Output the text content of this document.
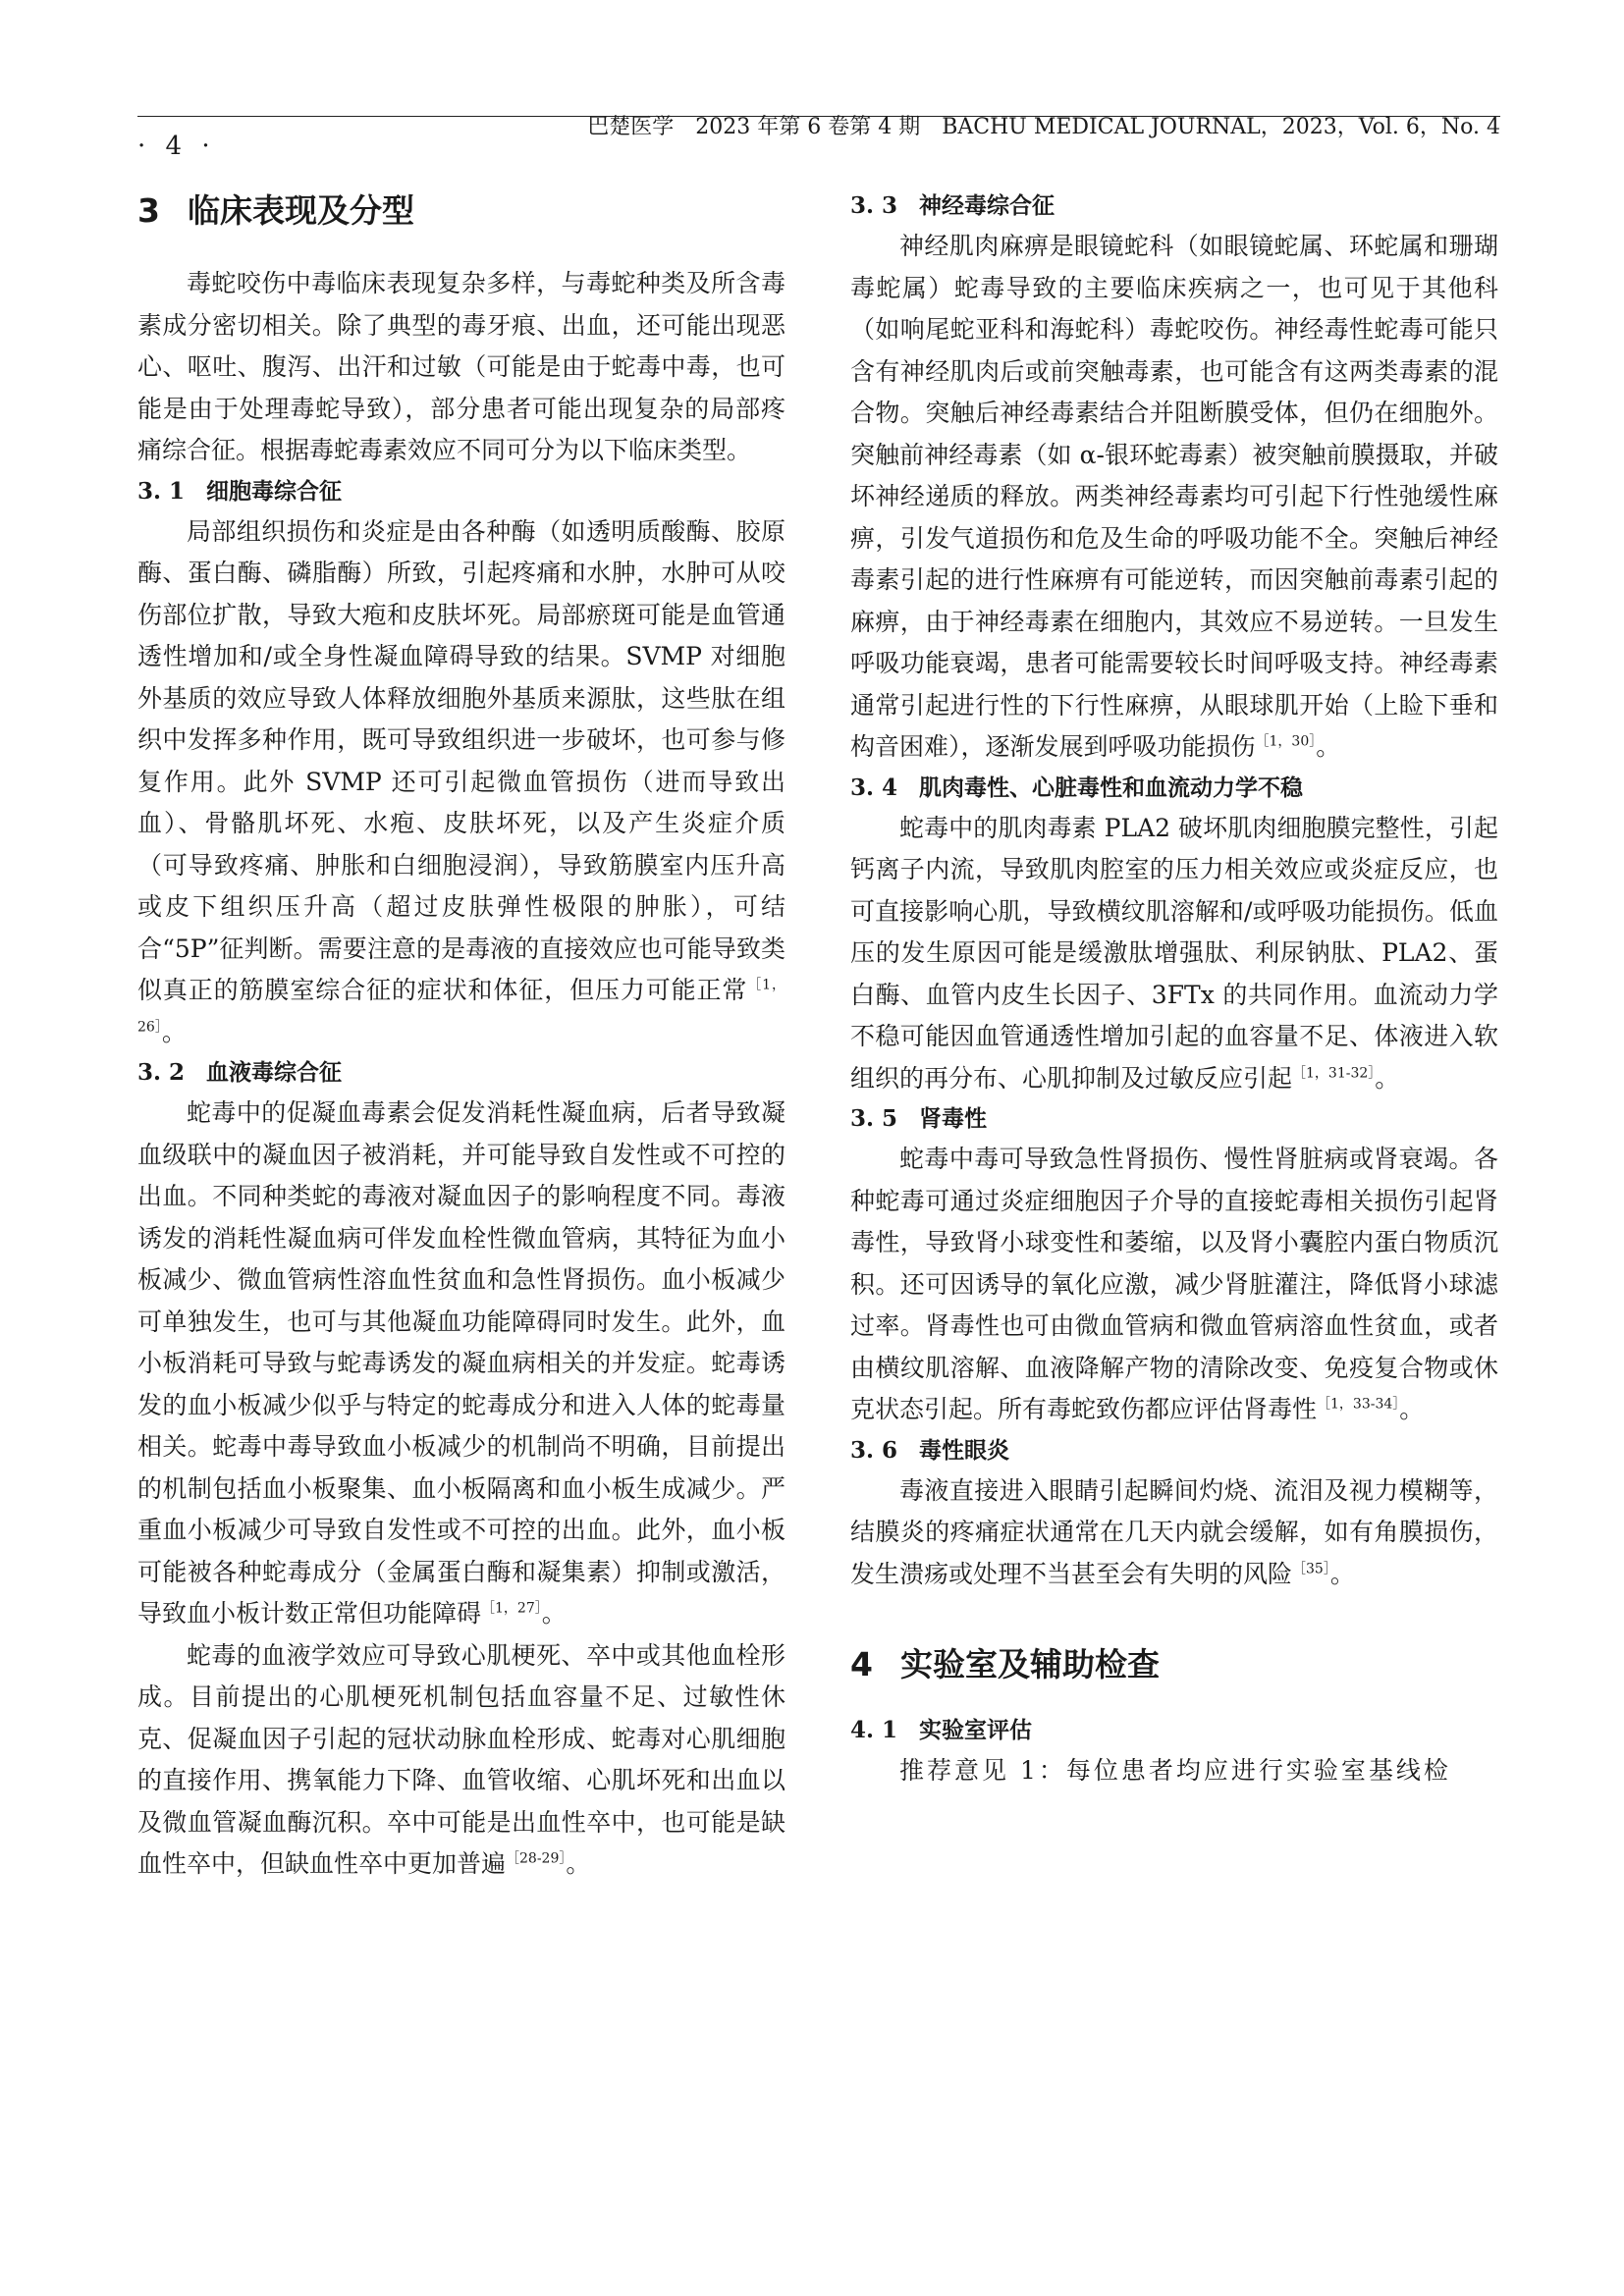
· 4 ·
巴楚医学　2023 年第 6 卷第 4 期　BACHU MEDICAL JOURNAL，2023，Vol. 6，No. 4
3 临床表现及分型

毒蛇咬伤中毒临床表现复杂多样，与毒蛇种类及所含毒素成分密切相关。除了典型的毒牙痕、出血，还可能出现恶心、呕吐、腹泻、出汗和过敏（可能是由于蛇毒中毒，也可能是由于处理毒蛇导致），部分患者可能出现复杂的局部疼痛综合征。根据毒蛇毒素效应不同可分为以下临床类型。

3. 1 细胞毒综合征

局部组织损伤和炎症是由各种酶（如透明质酸酶、胶原酶、蛋白酶、磷脂酶）所致，引起疼痛和水肿，水肿可从咬伤部位扩散，导致大疱和皮肤坏死。局部瘀斑可能是血管通透性增加和/或全身性凝血障碍导致的结果。SVMP 对细胞外基质的效应导致人体释放细胞外基质来源肽，这些肽在组织中发挥多种作用，既可导致组织进一步破坏，也可参与修复作用。此外 SVMP 还可引起微血管损伤（进而导致出血）、骨骼肌坏死、水疱、皮肤坏死，以及产生炎症介质（可导致疼痛、肿胀和白细胞浸润），导致筋膜室内压升高或皮下组织压升高（超过皮肤弹性极限的肿胀），可结合“5P”征判断。需要注意的是毒液的直接效应也可能导致类似真正的筋膜室综合征的症状和体征，但压力可能正常$^{[1,26]}$。

3. 2 血液毒综合征

蛇毒中的促凝血毒素会促发消耗性凝血病，后者导致凝血级联中的凝血因子被消耗，并可能导致自发性或不可控的出血。不同种类蛇的毒液对凝血因子的影响程度不同。毒液诱发的消耗性凝血病可伴发血栓性微血管病，其特征为血小板减少、微血管病性溶血性贫血和急性肾损伤。血小板减少可单独发生，也可与其他凝血功能障碍同时发生。此外，血小板消耗可导致与蛇毒诱发的凝血病相关的并发症。蛇毒诱发的血小板减少似乎与特定的蛇毒成分和进入人体的蛇毒量相关。蛇毒中毒导致血小板减少的机制尚不明确，目前提出的机制包括血小板聚集、血小板隔离和血小板生成减少。严重血小板减少可导致自发性或不可控的出血。此外，血小板可能被各种蛇毒成分（金属蛋白酶和凝集素）抑制或激活，导致血小板计数正常但功能障碍$^{[1,27]}$。

蛇毒的血液学效应可导致心肌梗死、卒中或其他血栓形成。目前提出的心肌梗死机制包括血容量不足、过敏性休克、促凝血因子引起的冠状动脉血栓形成、蛇毒对心肌细胞的直接作用、携氧能力下降、血管收缩、心肌坏死和出血以及微血管凝血酶沉积。卒中可能是出血性卒中，也可能是缺血性卒中，但缺血性卒中更加普遍$^{[28-29]}$。

3. 3 神经毒综合征

神经肌肉麻痹是眼镜蛇科（如眼镜蛇属、环蛇属和珊瑚毒蛇属）蛇毒导致的主要临床疾病之一，也可见于其他科（如响尾蛇亚科和海蛇科）毒蛇咬伤。神经毒性蛇毒可能只含有神经肌肉后或前突触毒素，也可能含有这两类毒素的混合物。突触后神经毒素结合并阻断膜受体，但仍在细胞外。突触前神经毒素（如 α-银环蛇毒素）被突触前膜摄取，并破坏神经递质的释放。两类神经毒素均可引起下行性弛缓性麻痹，引发气道损伤和危及生命的呼吸功能不全。突触后神经毒素引起的进行性麻痹有可能逆转，而因突触前毒素引起的麻痹，由于神经毒素在细胞内，其效应不易逆转。一旦发生呼吸功能衰竭，患者可能需要较长时间呼吸支持。神经毒素通常引起进行性的下行性麻痹，从眼球肌开始（上睑下垂和构音困难），逐渐发展到呼吸功能损伤$^{[1,30]}$。

3. 4 肌肉毒性、心脏毒性和血流动力学不稳

蛇毒中的肌肉毒素 PLA2 破坏肌肉细胞膜完整性，引起钙离子内流，导致肌肉腔室的压力相关效应或炎症反应，也可直接影响心肌，导致横纹肌溶解和/或呼吸功能损伤。低血压的发生原因可能是缓激肽增强肽、利尿钠肽、PLA2、蛋白酶、血管内皮生长因子、3FTx 的共同作用。血流动力学不稳可能因血管通透性增加引起的血容量不足、体液进入软组织的再分布、心肌抑制及过敏反应引起$^{[1,31-32]}$。

3. 5 肾毒性

蛇毒中毒可导致急性肾损伤、慢性肾脏病或肾衰竭。各种蛇毒可通过炎症细胞因子介导的直接蛇毒相关损伤引起肾毒性，导致肾小球变性和萎缩，以及肾小囊腔内蛋白物质沉积。还可因诱导的氧化应激，减少肾脏灌注，降低肾小球滤过率。肾毒性也可由微血管病和微血管病溶血性贫血，或者由横纹肌溶解、血液降解产物的清除改变、免疫复合物或休克状态引起。所有毒蛇致伤都应评估肾毒性$^{[1,33-34]}$。

3. 6 毒性眼炎

毒液直接进入眼睛引起瞬间灼烧、流泪及视力模糊等，结膜炎的疼痛症状通常在几天内就会缓解，如有角膜损伤，发生溃疡或处理不当甚至会有失明的风险$^{[35]}$。

4 实验室及辅助检查
4. 1 实验室评估

推荐意见 1：每位患者均应进行实验室基线检
